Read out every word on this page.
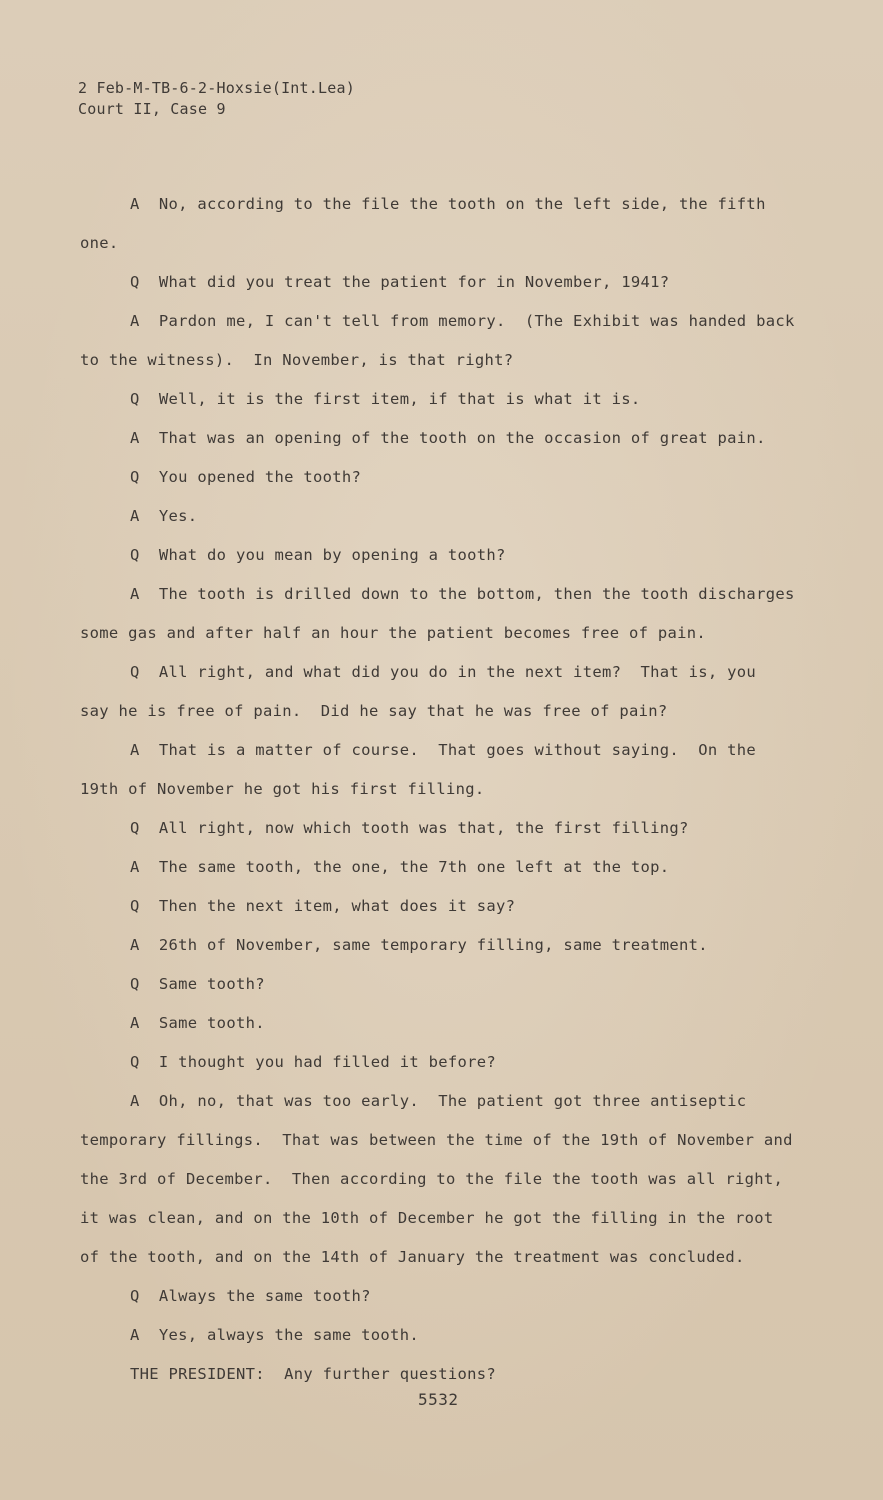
2 Feb-M-TB-6-2-Hoxsie(Int.Lea)
Court II, Case 9
A  No, according to the file the tooth on the left side, the fifth
one.
Q  What did you treat the patient for in November, 1941?
A  Pardon me, I can't tell from memory.  (The Exhibit was handed back
to the witness).  In November, is that right?
Q  Well, it is the first item, if that is what it is.
A  That was an opening of the tooth on the occasion of great pain.
Q  You opened the tooth?
A  Yes.
Q  What do you mean by opening a tooth?
A  The tooth is drilled down to the bottom, then the tooth discharges
some gas and after half an hour the patient becomes free of pain.
Q  All right, and what did you do in the next item?  That is, you
say he is free of pain.  Did he say that he was free of pain?
A  That is a matter of course.  That goes without saying.  On the
19th of November he got his first filling.
Q  All right, now which tooth was that, the first filling?
A  The same tooth, the one, the 7th one left at the top.
Q  Then the next item, what does it say?
A  26th of November, same temporary filling, same treatment.
Q  Same tooth?
A  Same tooth.
Q  I thought you had filled it before?
A  Oh, no, that was too early.  The patient got three antiseptic
temporary fillings.  That was between the time of the 19th of November and
the 3rd of December.  Then according to the file the tooth was all right,
it was clean, and on the 10th of December he got the filling in the root
of the tooth, and on the 14th of January the treatment was concluded.
Q  Always the same tooth?
A  Yes, always the same tooth.
THE PRESIDENT:  Any further questions?
5532
